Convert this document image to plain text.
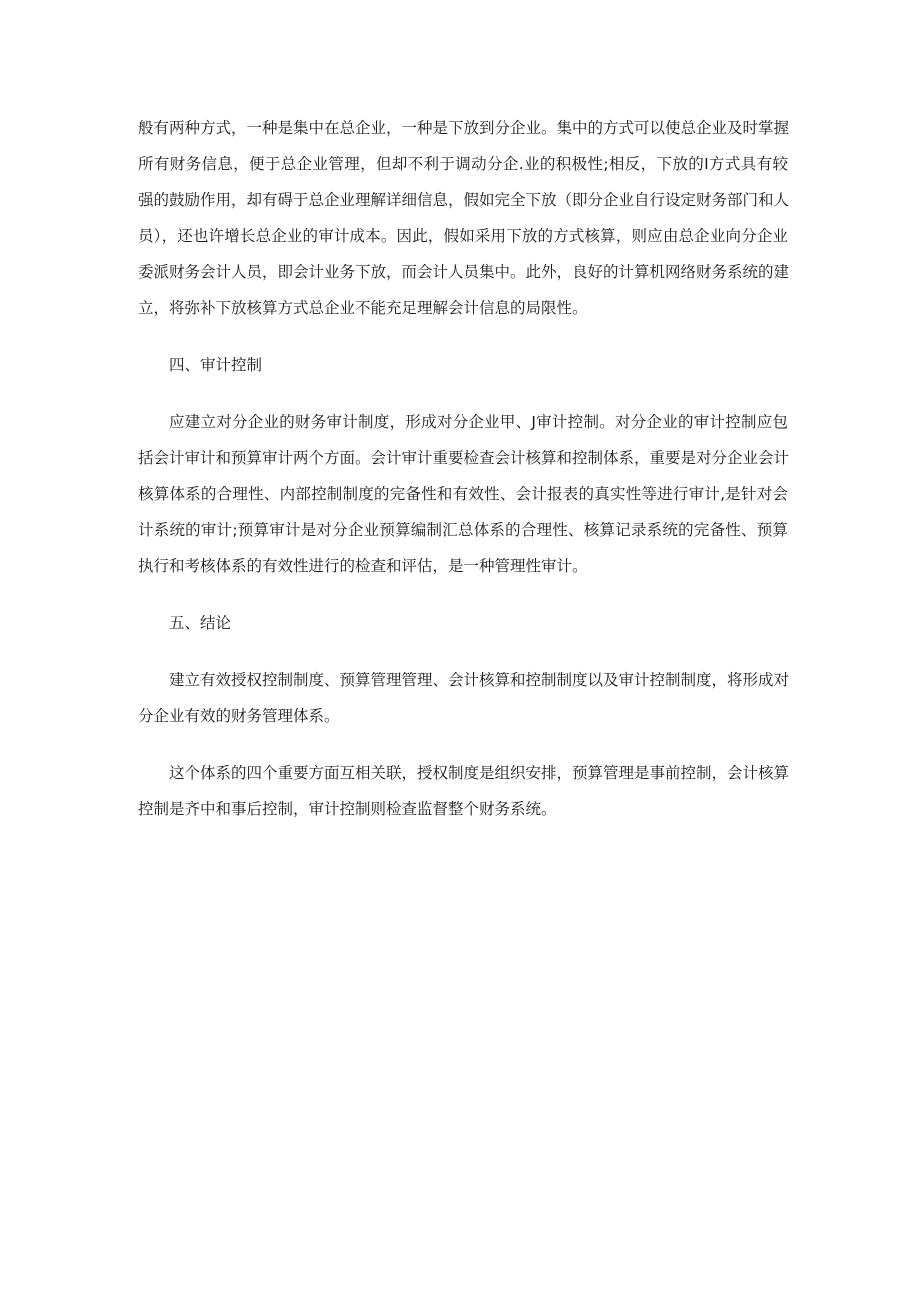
般有两种方式，一种是集中在总企业，一种是下放到分企业。集中的方式可以使总企业及时掌握
所有财务信息，便于总企业管理，但却不利于调动分企.业的积极性;相反，下放的I方式具有较
强的鼓励作用，却有碍于总企业理解详细信息，假如完全下放（即分企业自行设定财务部门和人
员），还也许增长总企业的审计成本。因此，假如采用下放的方式核算，则应由总企业向分企业
委派财务会计人员，即会计业务下放，而会计人员集中。此外，良好的计算机网络财务系统的建
立，将弥补下放核算方式总企业不能充足理解会计信息的局限性。

四、审计控制

应建立对分企业的财务审计制度，形成对分企业甲、J审计控制。对分企业的审计控制应包
括会计审计和预算审计两个方面。会计审计重要检查会计核算和控制体系，重要是对分企业会计
核算体系的合理性、内部控制制度的完备性和有效性、会计报表的真实性等进行审计,是针对会
计系统的审计;预算审计是对分企业预算编制汇总体系的合理性、核算记录系统的完备性、预算
执行和考核体系的有效性进行的检查和评估，是一种管理性审计。

五、结论

建立有效授权控制制度、预算管理管理、会计核算和控制制度以及审计控制制度，将形成对
分企业有效的财务管理体系。

这个体系的四个重要方面互相关联，授权制度是组织安排，预算管理是事前控制，会计核算
控制是齐中和事后控制，审计控制则检查监督整个财务系统。
